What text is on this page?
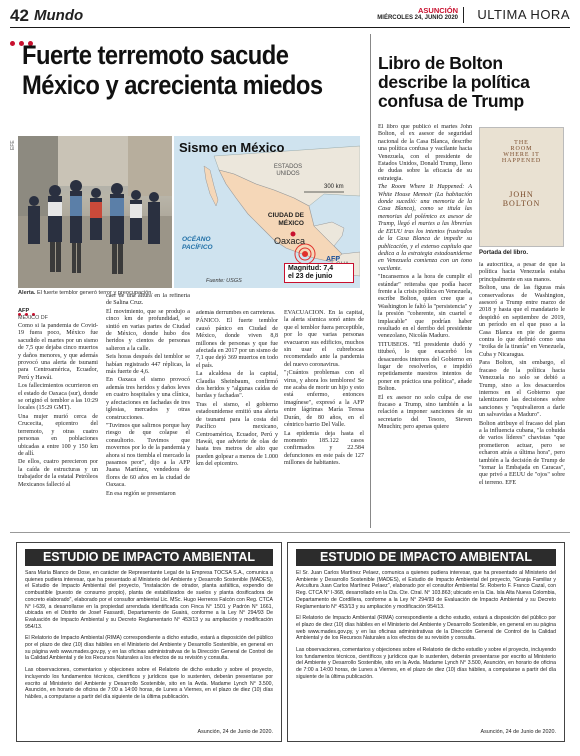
42 Mundo	ASUNCIÓN
MIÉRCOLES 24, JUNIO 2020 ULTIMA HORA

Fuerte terremoto sacude
México y acrecienta miedos
EFE	Sismo en México
ESTADOS UNIDOS
OCÉANO PACÍFICO
CIUDAD DE MÉXICO
Oaxaca
300 km
Magnitud: 7,4
el 23 de junio
Fuente: USGS
AFP
Alerta. El fuerte temblor generó terror y preocupación.

AFP
MÉXICO DF

Como si la pandemia de Covid-19 fuera poco, México fue sacudido el martes por un sismo de 7,5 que dejaba cinco muertos y daños menores, y que además provocó una alerta de tsunami para Centroamérica, Ecuador, Perú y Hawái.

Los fallecimientos ocurrieron en el estado de Oaxaca (sur), donde se originó el temblor a las 10:29 locales (15:29 GMT).

Una mujer murió cerca de Crucecita, epicentro del terremoto, y otras cuatro personas en poblaciones ubicadas a entre 100 y 150 km de allí.

De ellos, cuatro perecieron por la caída de estructuras y un trabajador de la estatal Petróleos Mexicanos falleció al

caer de una altura en la refinería de Salina Cruz.

El movimiento, que se produjo a cinco km de profundidad, se sintió en varias partes de Ciudad de México, donde hubo dos heridos y cientos de personas salieron a la calle.

Seis horas después del temblor se habían registrado 447 réplicas, la más fuerte de 4,6.

En Oaxaca el sismo provocó además tres heridos y daños leves en cuatro hospitales y una clínica, y afectaciones en fachadas de tres iglesias, mercados y otras construcciones.

"Tuvimos que salirnos porque hay riesgo de que colapse el consultorio. Tuvimos que movernos por lo de la pandemia y ahora si nos tiembla el mercado la pasamos peor", dijo a la AFP Juana Martínez, vendedora de flores de 60 años en la ciudad de Oaxaca.

En esa región se presentaron

además derrumbes en carreteras.

PÁNICO. El fuerte temblor causó pánico en Ciudad de México, donde viven 8,8 millones de personas y que fue afectada en 2017 por un sismo de 7,1 que dejó 369 muertos en todo el país.

La alcaldesa de la capital, Claudia Sheinbaum, confirmó dos heridos y "algunas caídas de bardas y fachadas".

Tras el sismo, el gobierno estadounidense emitió una alerta de tsunami para la costa del Pacífico mexicano, Centroamérica, Ecuador, Perú y Hawái, que advierte de olas de hasta tres metros de alto que pueden golpear a menos de 1.000 km del epicentro.

EVACUACIÓN. En la capital, la alerta sísmica sonó antes de que el temblor fuera perceptible, por lo que varias personas evacuaron sus edificios, muchos sin usar el cubrebocas recomendado ante la pandemia del nuevo coronavirus.

"¡Cuántos problemas con el virus, y ahora los temblores! Se me acaba de morir un hijo y esto está enfermo, entonces imagínese", expresó a la AFP entre lágrimas María Teresa Durán, de 80 años, en el céntrico barrio Del Valle.

La epidemia deja hasta el momento 185.122 casos confirmados y 22.584 defunciones en este país de 127 millones de habitantes.

Libro de Bolton
describe la política
confusa de Trump

El libro que publicó el martes John Bolton, el ex asesor de seguridad nacional de la Casa Blanca, describe una política confusa y vacilante hacia Venezuela, con el presidente de Estados Unidos, Donald Trump, lleno de dudas sobre la eficacia de su estrategia.

The Room Where It Happened: A White House Memoir (La habitación donde sucedió: una memoria de la Casa Blanca), como se titula las memorias del polémico ex asesor de Trump, llegó el martes a las librerías de EEUU tras los intentos frustrados de la Casa Blanca de impedir su publicación, y el extenso capítulo que dedica a la estrategia estadounidense en Venezuela comienza con un tono vacilante.

"Incansemos a la hora de cumplir el estándar" reiteraba que podía hacer frente a la crisis política en Venezuela, escribe Bolton, quien cree que a Washington le faltó la "persistencia" y la presión "coherente, sin cuartel e implacable" que podrían haber resultado en el derribo del presidente venezolano, Nicolás Maduro.

TITUBEOS. "El presidente dudó y titubeó, lo que exacerbó los desacuerdos internos del Gobierno en lugar de resolverlos, e impidió repetidamente nuestros intentos de poner en práctica una política", añade Bolton.

El ex asesor no solo culpa de ese fracaso a Trump, sino también a la relación a imponer sanciones de su secretario del Tesoro, Steven Mnuchin; pero apenas quiere

THE
ROOM
WHERE IT
HAPPENED
JOHN
BOLTON
Portada del libro.

la autocrítica, a pesar de que la política hacia Venezuela estaba principalmente en sus manos.

Bolton, una de las figuras más conservadoras de Washington, asesoró a Trump entre marzo de 2018 y hasta que el mandatario le despidió en septiembre de 2019, un período en el que puso a la Casa Blanca en pie de guerra contra lo que definió como una "troika de la tiranía" en Venezuela, Cuba y Nicaragua.

Para Bolton, sin embargo, el fracaso de la política hacia Venezuela no solo se debió a Trump, sino a los desacuerdos internos en el Gobierno que talentizaron las decisiones sobre sanciones y "equivalieron a darle un salvavidas a Maduro".

Bolton atribuye el fracaso del plan a la influencia cubana, "la cohuida de varios líderes" chavistas "que prometieron actuar, pero se echaron atrás a última hora", pero también a la decisión de Trump de "tomar la Embajada en Caracas", que privó a EEUU de "ojos" sobre el terreno. EFE

ESTUDIO DE IMPACTO AMBIENTAL

Sara María Blanco de Dose, en carácter de Representante Legal de la Empresa TOCSA S.A., comunica a quienes pudiera interesar, que ha presentado al Ministerio del Ambiente y Desarrollo Sostenible (MADES), el Estudio de Impacto Ambiental del proyecto, "Instalación de otrador, planta asfáltica, expendio de combustible (puesto de consumo propio), planta de estabilizados de suelos y planta dosificadora de concreto elaborado", elaborado por el consultor ambiental Lic. MSc. Hugo Herreros Falcón con Reg. CTCA N° I-639, a desarrollarse en la propiedad arrendada identificada con Finca N° 1501 y Padrón N° 1661, ubicada en el Distrito de Josef Fassardi, Departamento de Guairá, conforme a la Ley N° 294/93 De Evaluación de Impacto Ambiental y su Decreto Reglamentario N° 453/13 y su ampliación y modificación 954/13.

El Relatorio de Impacto Ambiental (RIMA) correspondiente a dicho estudio, estará a disposición del público por el plazo de diez (10) días hábiles en el Ministerio del Ambiente y Desarrollo Sostenible, en general en su página web www.mades.gov.py, y en las oficinas administrativas de la Dirección General de Control de la Calidad Ambiental y de los Recursos Naturales a los efectos de su revisión y consulta.

Las observaciones, comentarios y objeciones sobre el Relatorio de dicho estudio y sobre el proyecto, incluyendo los fundamentos técnicos, científicos y jurídicos que lo sustenten, deberán presentarse por escrito al Ministerio del Ambiente y Desarrollo Sostenible, sito en la Avda. Madame Lynch N° 3.500, Asunción, en horario de oficina de 7:00 a 14:00 horas, de Lunes a Viernes, en el plazo de diez (10) días hábiles, a computarse a partir del día siguiente de la última publicación.

Asunción, 24 de Junio de 2020.
ESTUDIO DE IMPACTO AMBIENTAL

El Sr. Juan Carlos Martínez Pelaez, comunica a quienes pudiera interesar, que ha presentado al Ministerio del Ambiente y Desarrollo Sostenible (MADES), el Estudio de Impacto Ambiental del proyecto, "Granja Familiar y Avicultura Juan Carlos Martínez Pelaez", elaborado por el consultor Ambiental Sr. Roberto F. Franco Cazal, con Reg. CTCA N° I-368, desarrollado en la Cta. Cte. Ctral. N° 103.863; ubicado en la Cia. Isla Alta Nueva Colombia, Departamento de Cordillera, conforme a la Ley N° 294/93 de Evaluación de Impacto Ambiental y su Decreto Reglamentario N° 453/13 y su ampliación y modificación 954/13.

El Relatorio de Impacto Ambiental (RIMA) correspondiente a dicho estudio, estará a disposición del público por el plazo de diez (10) días hábiles en el Ministerio del Ambiente y Desarrollo Sostenible, en general en su página web www.mades.gov.py, y en las oficinas administrativas de la Dirección General de Control de la Calidad Ambiental y de los Recursos Naturales a los efectos de su revisión y consulta.

Las observaciones, comentarios y objeciones sobre el Relatorio de dicho estudio y sobre el proyecto, incluyendo los fundamentos técnicos, científicos y jurídicos que lo sustenten, deberán presentarse por escrito al Ministerio del Ambiente y Desarrollo Sostenible, sito en la Avda. Madame Lynch N° 3.500, Asunción, en horario de oficina de 7:00 a 14:00 horas, de Lunes a Viernes, en el plazo de diez (10) días hábiles, a computarse a partir del día siguiente de la última publicación.

Asunción, 24 de Junio de 2020.
